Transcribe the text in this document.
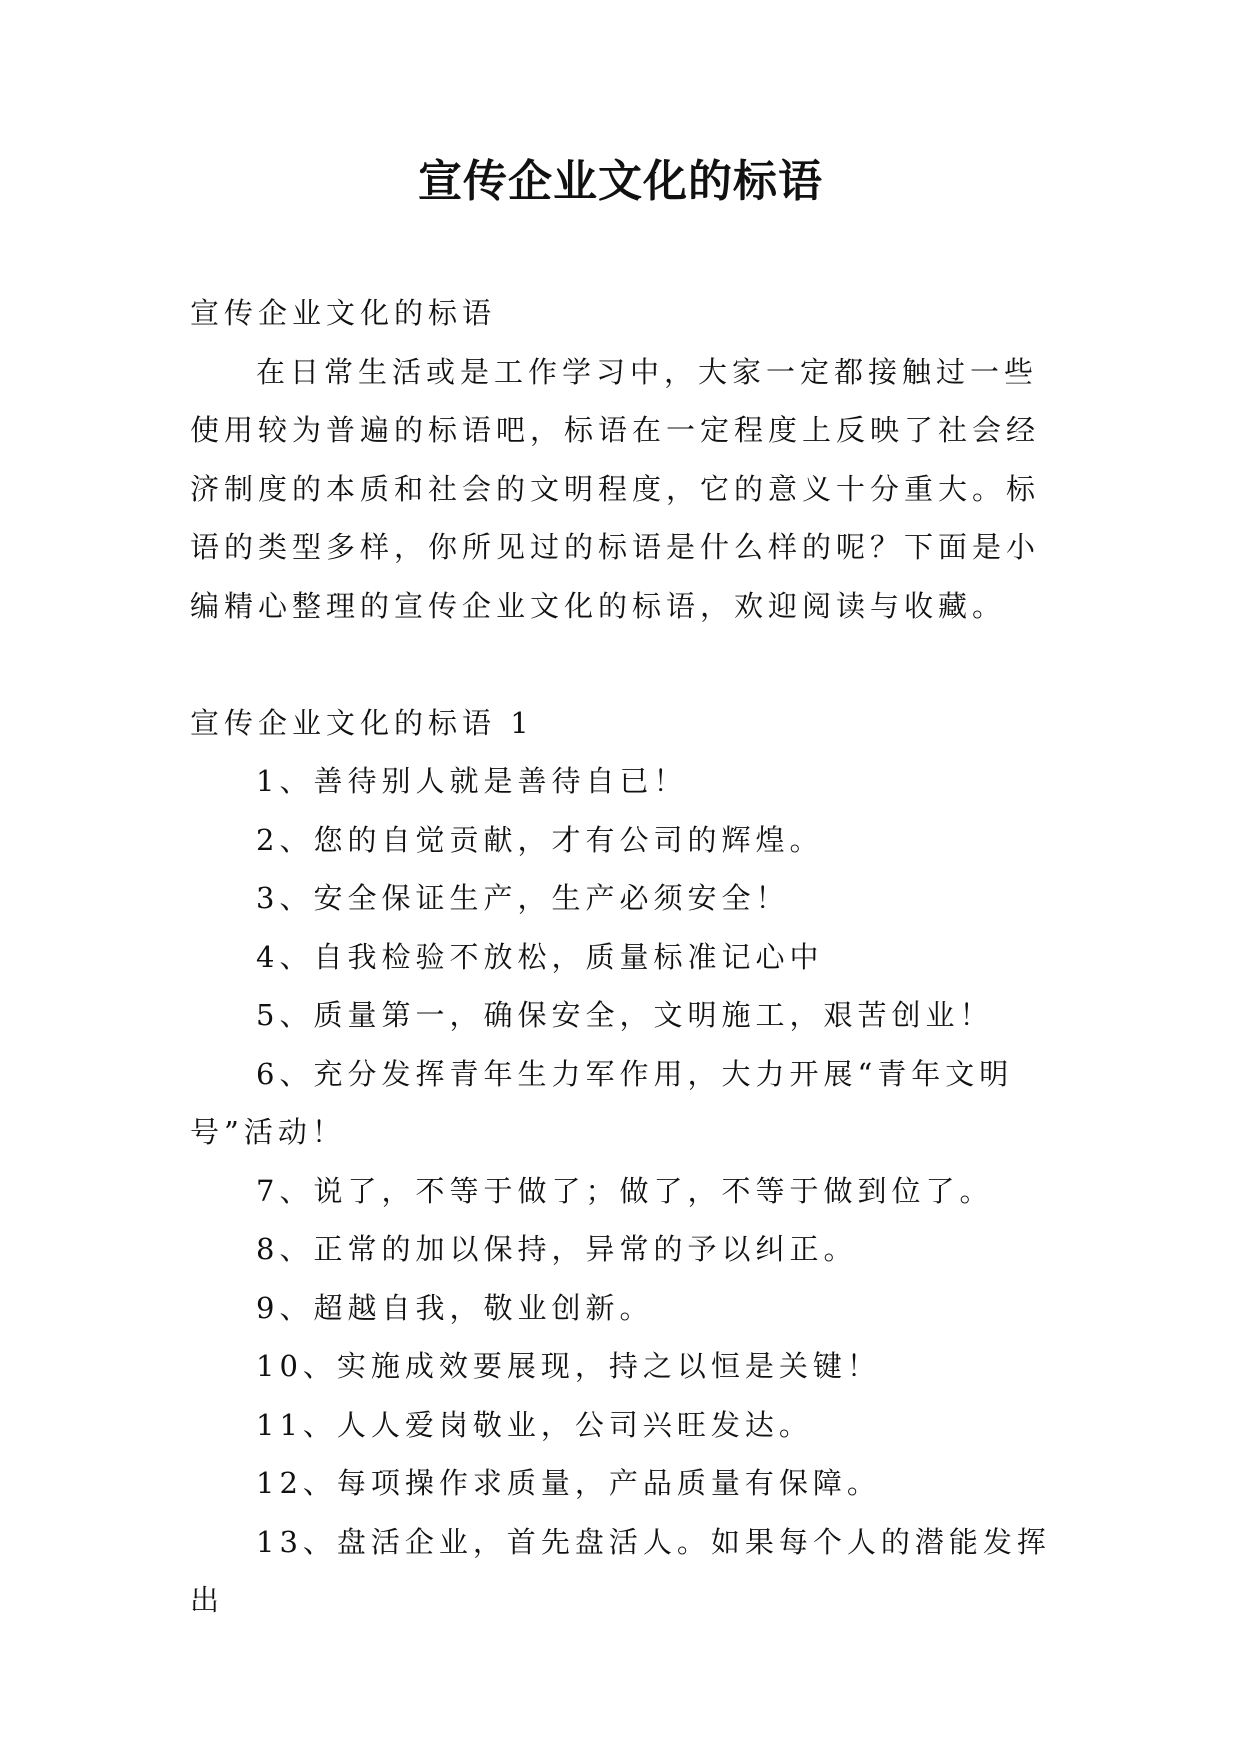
宣传企业文化的标语

宣传企业文化的标语

在日常生活或是工作学习中，大家一定都接触过一些使用较为普遍的标语吧，标语在一定程度上反映了社会经济制度的本质和社会的文明程度，它的意义十分重大。标语的类型多样，你所见过的标语是什么样的呢？下面是小编精心整理的宣传企业文化的标语，欢迎阅读与收藏。

宣传企业文化的标语 1

1、善待别人就是善待自已！

2、您的自觉贡献，才有公司的辉煌。

3、安全保证生产，生产必须安全！

4、自我检验不放松，质量标准记心中

5、质量第一，确保安全，文明施工，艰苦创业！

6、充分发挥青年生力军作用，大力开展“青年文明号”活动！

7、说了，不等于做了；做了，不等于做到位了。

8、正常的加以保持，异常的予以纠正。

9、超越自我，敬业创新。

10、实施成效要展现，持之以恒是关键！

11、人人爱岗敬业，公司兴旺发达。

12、每项操作求质量，产品质量有保障。

13、盘活企业，首先盘活人。如果每个人的潜能发挥出
